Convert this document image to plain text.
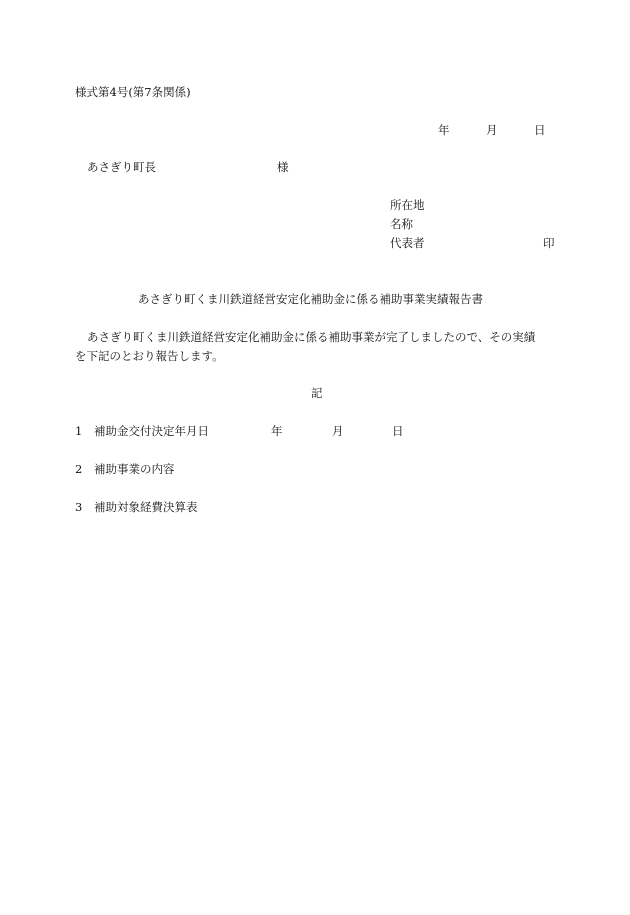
様式第4号(第7条関係)
年	月	日
あさぎり町長	様
所在地
名称
代表者	印
あさぎり町くま川鉄道経営安定化補助金に係る補助事業実績報告書
あさぎり町くま川鉄道経営安定化補助金に係る補助事業が完了しましたので、その実績
を下記のとおり報告します。
記
1 補助金交付決定年月日	年	月	日
2 補助事業の内容
3 補助対象経費決算表
